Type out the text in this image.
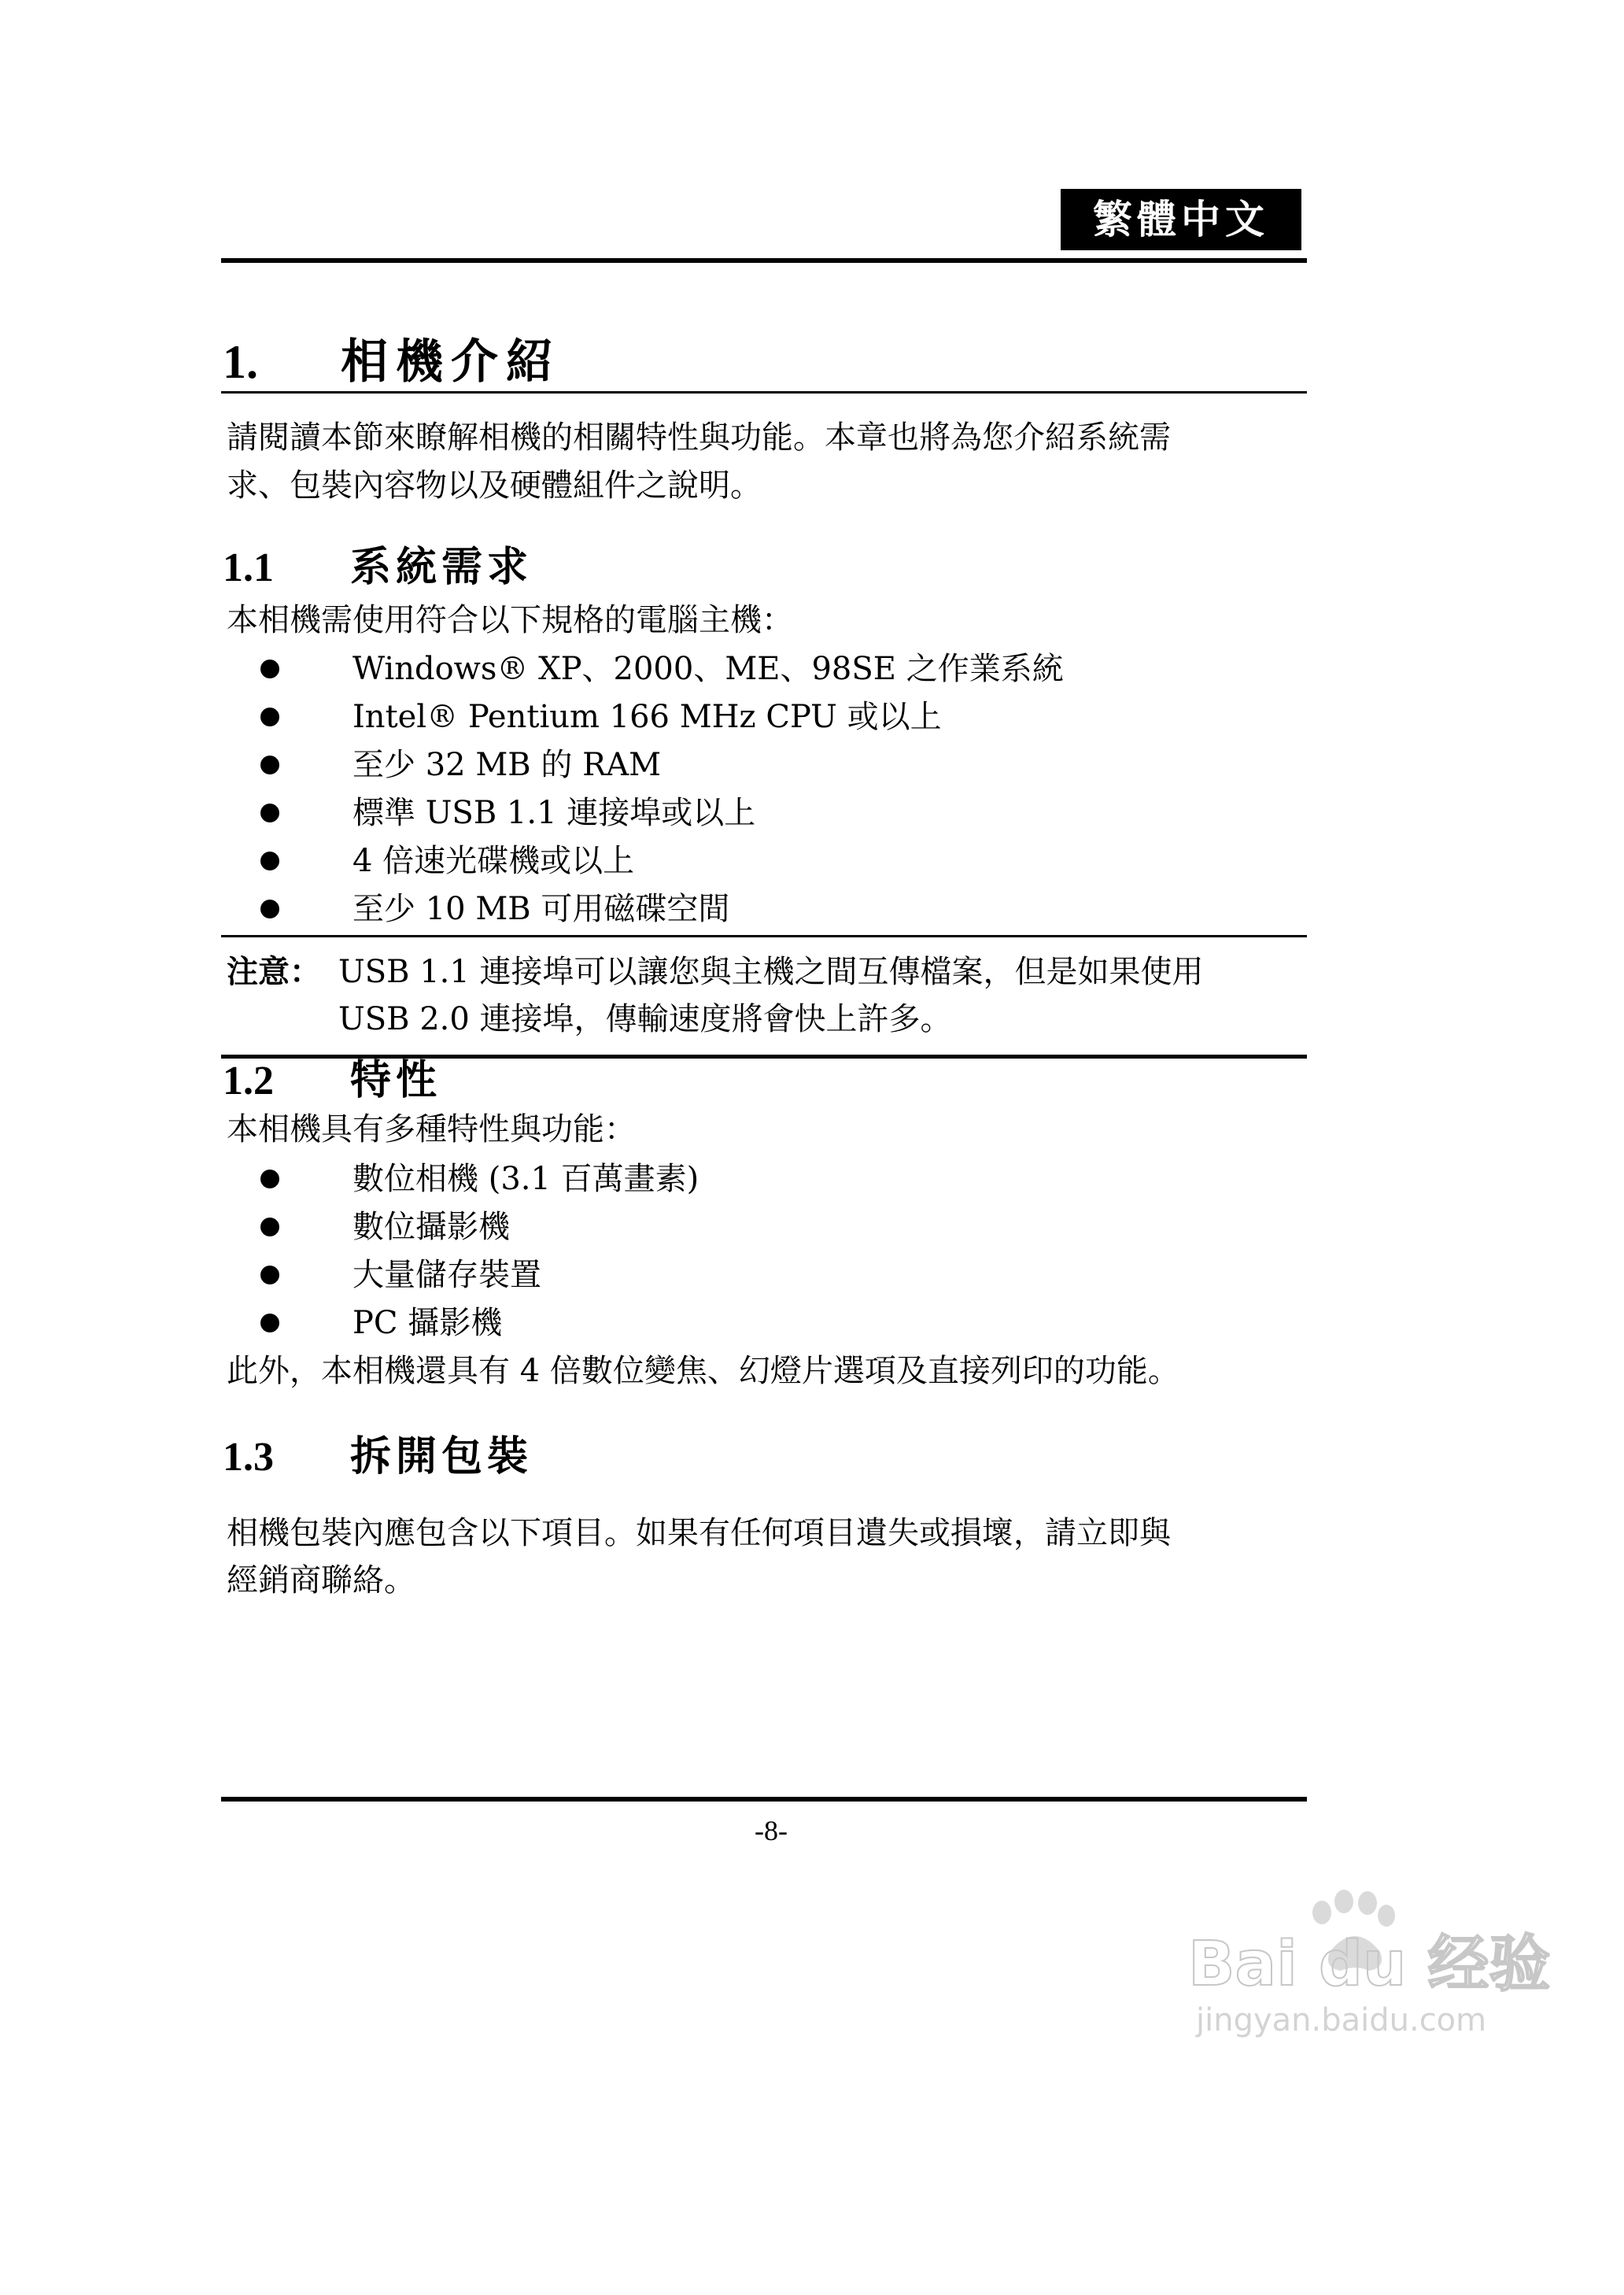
繁體中文
1. 相機介紹
請閱讀本節來瞭解相機的相關特性與功能。本章也將為您介紹系統需
求、包裝內容物以及硬體組件之說明。
1.1 系統需求
本相機需使用符合以下規格的電腦主機：
Windows® XP、2000、ME、98SE 之作業系統
Intel® Pentium 166 MHz CPU 或以上
至少 32 MB 的 RAM
標準 USB 1.1 連接埠或以上
4 倍速光碟機或以上
至少 10 MB 可用磁碟空間
注意： USB 1.1 連接埠可以讓您與主機之間互傳檔案，但是如果使用
USB 2.0 連接埠，傳輸速度將會快上許多。
1.2 特性
本相機具有多種特性與功能：
數位相機 (3.1 百萬畫素)
數位攝影機
大量儲存裝置
PC 攝影機
此外，本相機還具有 4 倍數位變焦、幻燈片選項及直接列印的功能。
1.3 拆開包裝
相機包裝內應包含以下項目。如果有任何項目遺失或損壞，請立即與
經銷商聯絡。
-8-
Bai du 经验
jingyan.baidu.com
